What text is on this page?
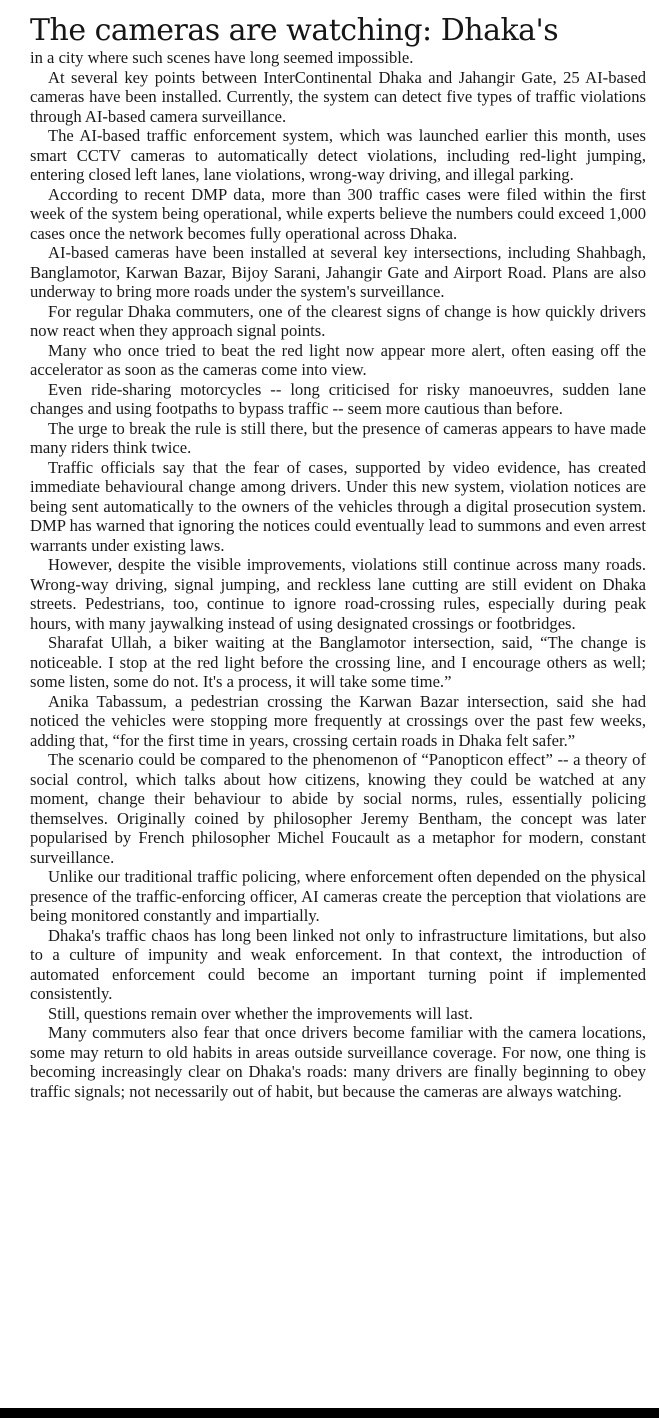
The cameras are watching: Dhaka's

in a city where such scenes have long seemed impossible.

At several key points between InterContinental Dhaka and Jahangir Gate, 25 AI-based cameras have been installed. Currently, the system can detect five types of traffic violations through AI-based camera surveillance.

The AI-based traffic enforcement system, which was launched earlier this month, uses smart CCTV cameras to automatically detect violations, including red-light jumping, entering closed left lanes, lane violations, wrong-way driving, and illegal parking.

According to recent DMP data, more than 300 traffic cases were filed within the first week of the system being operational, while experts believe the numbers could exceed 1,000 cases once the network becomes fully operational across Dhaka.

AI-based cameras have been installed at several key intersections, including Shahbagh, Banglamotor, Karwan Bazar, Bijoy Sarani, Jahangir Gate and Airport Road. Plans are also underway to bring more roads under the system's surveillance.

For regular Dhaka commuters, one of the clearest signs of change is how quickly drivers now react when they approach signal points.

Many who once tried to beat the red light now appear more alert, often easing off the accelerator as soon as the cameras come into view.

Even ride-sharing motorcycles -- long criticised for risky manoeuvres, sudden lane changes and using footpaths to bypass traffic -- seem more cautious than before.

The urge to break the rule is still there, but the presence of cameras appears to have made many riders think twice.

Traffic officials say that the fear of cases, supported by video evidence, has created immediate behavioural change among drivers. Under this new system, violation notices are being sent automatically to the owners of the vehicles through a digital prosecution system. DMP has warned that ignoring the notices could eventually lead to summons and even arrest warrants under existing laws.

However, despite the visible improvements, violations still continue across many roads. Wrong-way driving, signal jumping, and reckless lane cutting are still evident on Dhaka streets. Pedestrians, too, continue to ignore road-crossing rules, especially during peak hours, with many jaywalking instead of using designated crossings or footbridges.

Sharafat Ullah, a biker waiting at the Banglamotor intersection, said, “The change is noticeable. I stop at the red light before the crossing line, and I encourage others as well; some listen, some do not. It's a process, it will take some time.”

Anika Tabassum, a pedestrian crossing the Karwan Bazar intersection, said she had noticed the vehicles were stopping more frequently at crossings over the past few weeks, adding that, “for the first time in years, crossing certain roads in Dhaka felt safer.”

The scenario could be compared to the phenomenon of “Panopticon effect” -- a theory of social control, which talks about how citizens, knowing they could be watched at any moment, change their behaviour to abide by social norms, rules, essentially policing themselves. Originally coined by philosopher Jeremy Bentham, the concept was later popularised by French philosopher Michel Foucault as a metaphor for modern, constant surveillance.

Unlike our traditional traffic policing, where enforcement often depended on the physical presence of the traffic-enforcing officer, AI cameras create the perception that violations are being monitored constantly and impartially.

Dhaka's traffic chaos has long been linked not only to infrastructure limitations, but also to a culture of impunity and weak enforcement. In that context, the introduction of automated enforcement could become an important turning point if implemented consistently.

Still, questions remain over whether the improvements will last.

Many commuters also fear that once drivers become familiar with the camera locations, some may return to old habits in areas outside surveillance coverage. For now, one thing is becoming increasingly clear on Dhaka's roads: many drivers are finally beginning to obey traffic signals; not necessarily out of habit, but because the cameras are always watching.
